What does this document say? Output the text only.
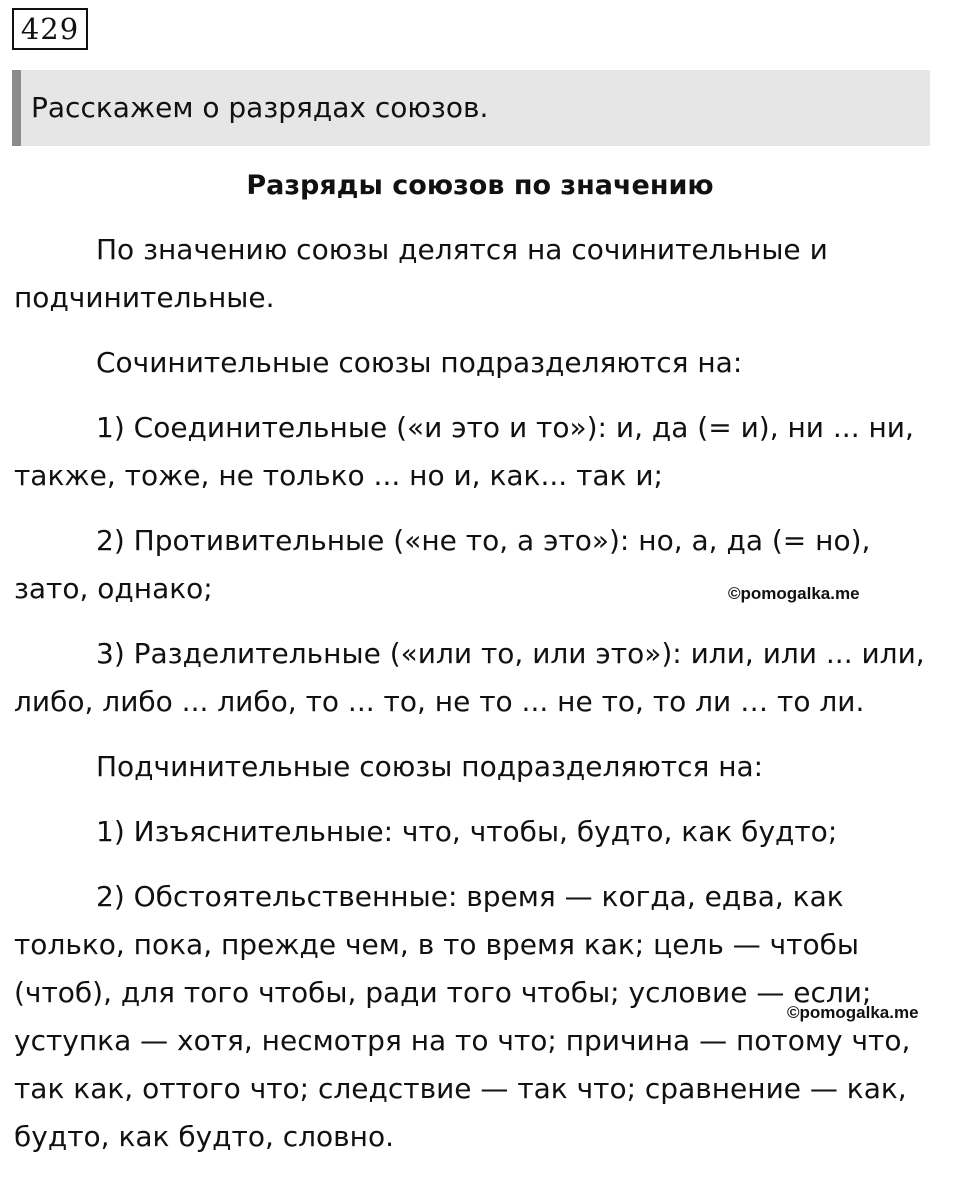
429
Расскажем о разрядах союзов.
Разряды союзов по значению

По значению союзы делятся на сочинительные и подчинительные.

Сочинительные союзы подразделяются на:

1) Соединительные («и это и то»): и, да (= и), ни ... ни, также, тоже, не только ... но и, как... так и;

2) Противительные («не то, а это»): но, а, да (= но), зато, однако;

3) Разделительные («или то, или это»): или, или ... или, либо, либо ... либо, то ... то, не то ... не то, то ли … то ли.

Подчинительные союзы подразделяются на:

1) Изъяснительные: что, чтобы, будто, как будто;

2) Обстоятельственные: время — когда, едва, как только, пока, прежде чем, в то время как; цель — чтобы (чтоб), для того чтобы, ради того чтобы; условие — если; уступка — хотя, несмотря на то что; причина — потому что, так как, оттого что; следствие — так что; сравнение — как, будто, как будто, словно.

©pomogalka.me
©pomogalka.me
